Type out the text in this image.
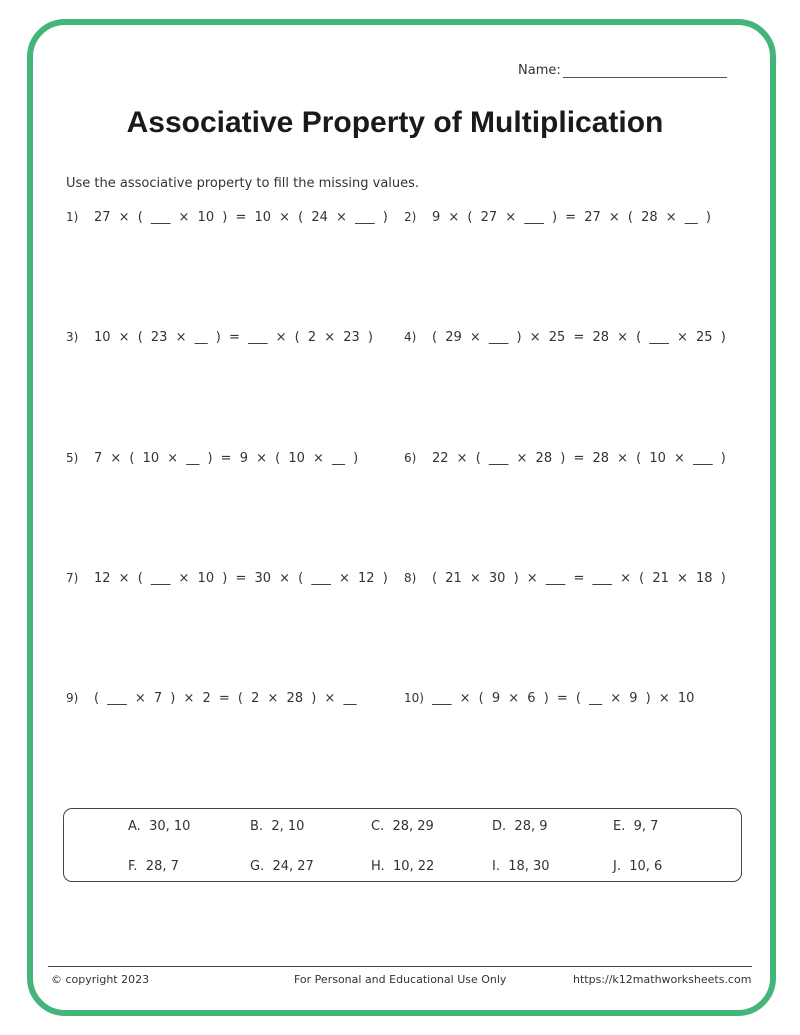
Name:
Associative Property of Multiplication
Use the associative property to fill the missing values.
1)	27 × ( ___ × 10 ) = 10 × ( 24 × ___ ) 2)	9 × ( 27 × ___ ) = 27 × ( 28 × __ )
3)	10 × ( 23 × __ ) = ___ × ( 2 × 23 )	4)	( 29 × ___ ) × 25 = 28 × ( ___ × 25 )
5)	7 × ( 10 × __ ) = 9 × ( 10 × __ )	6)	22 × ( ___ × 28 ) = 28 × ( 10 × ___ )
7)	12 × ( ___ × 10 ) = 30 × ( ___ × 12 ) 8)	( 21 × 30 ) × ___ = ___ × ( 21 × 18 )
9)	( ___ × 7 ) × 2 = ( 2 × 28 ) × __	10) ___ × ( 9 × 6 ) = ( __ × 9 ) × 10
A. 30, 10	B. 2, 10	C. 28, 29	D. 28, 9	E. 9, 7
F. 28, 7	G. 24, 27	H. 10, 22	I. 18, 30	J. 10, 6
© copyright 2023	For Personal and Educational Use Only	https://k12mathworksheets.com
